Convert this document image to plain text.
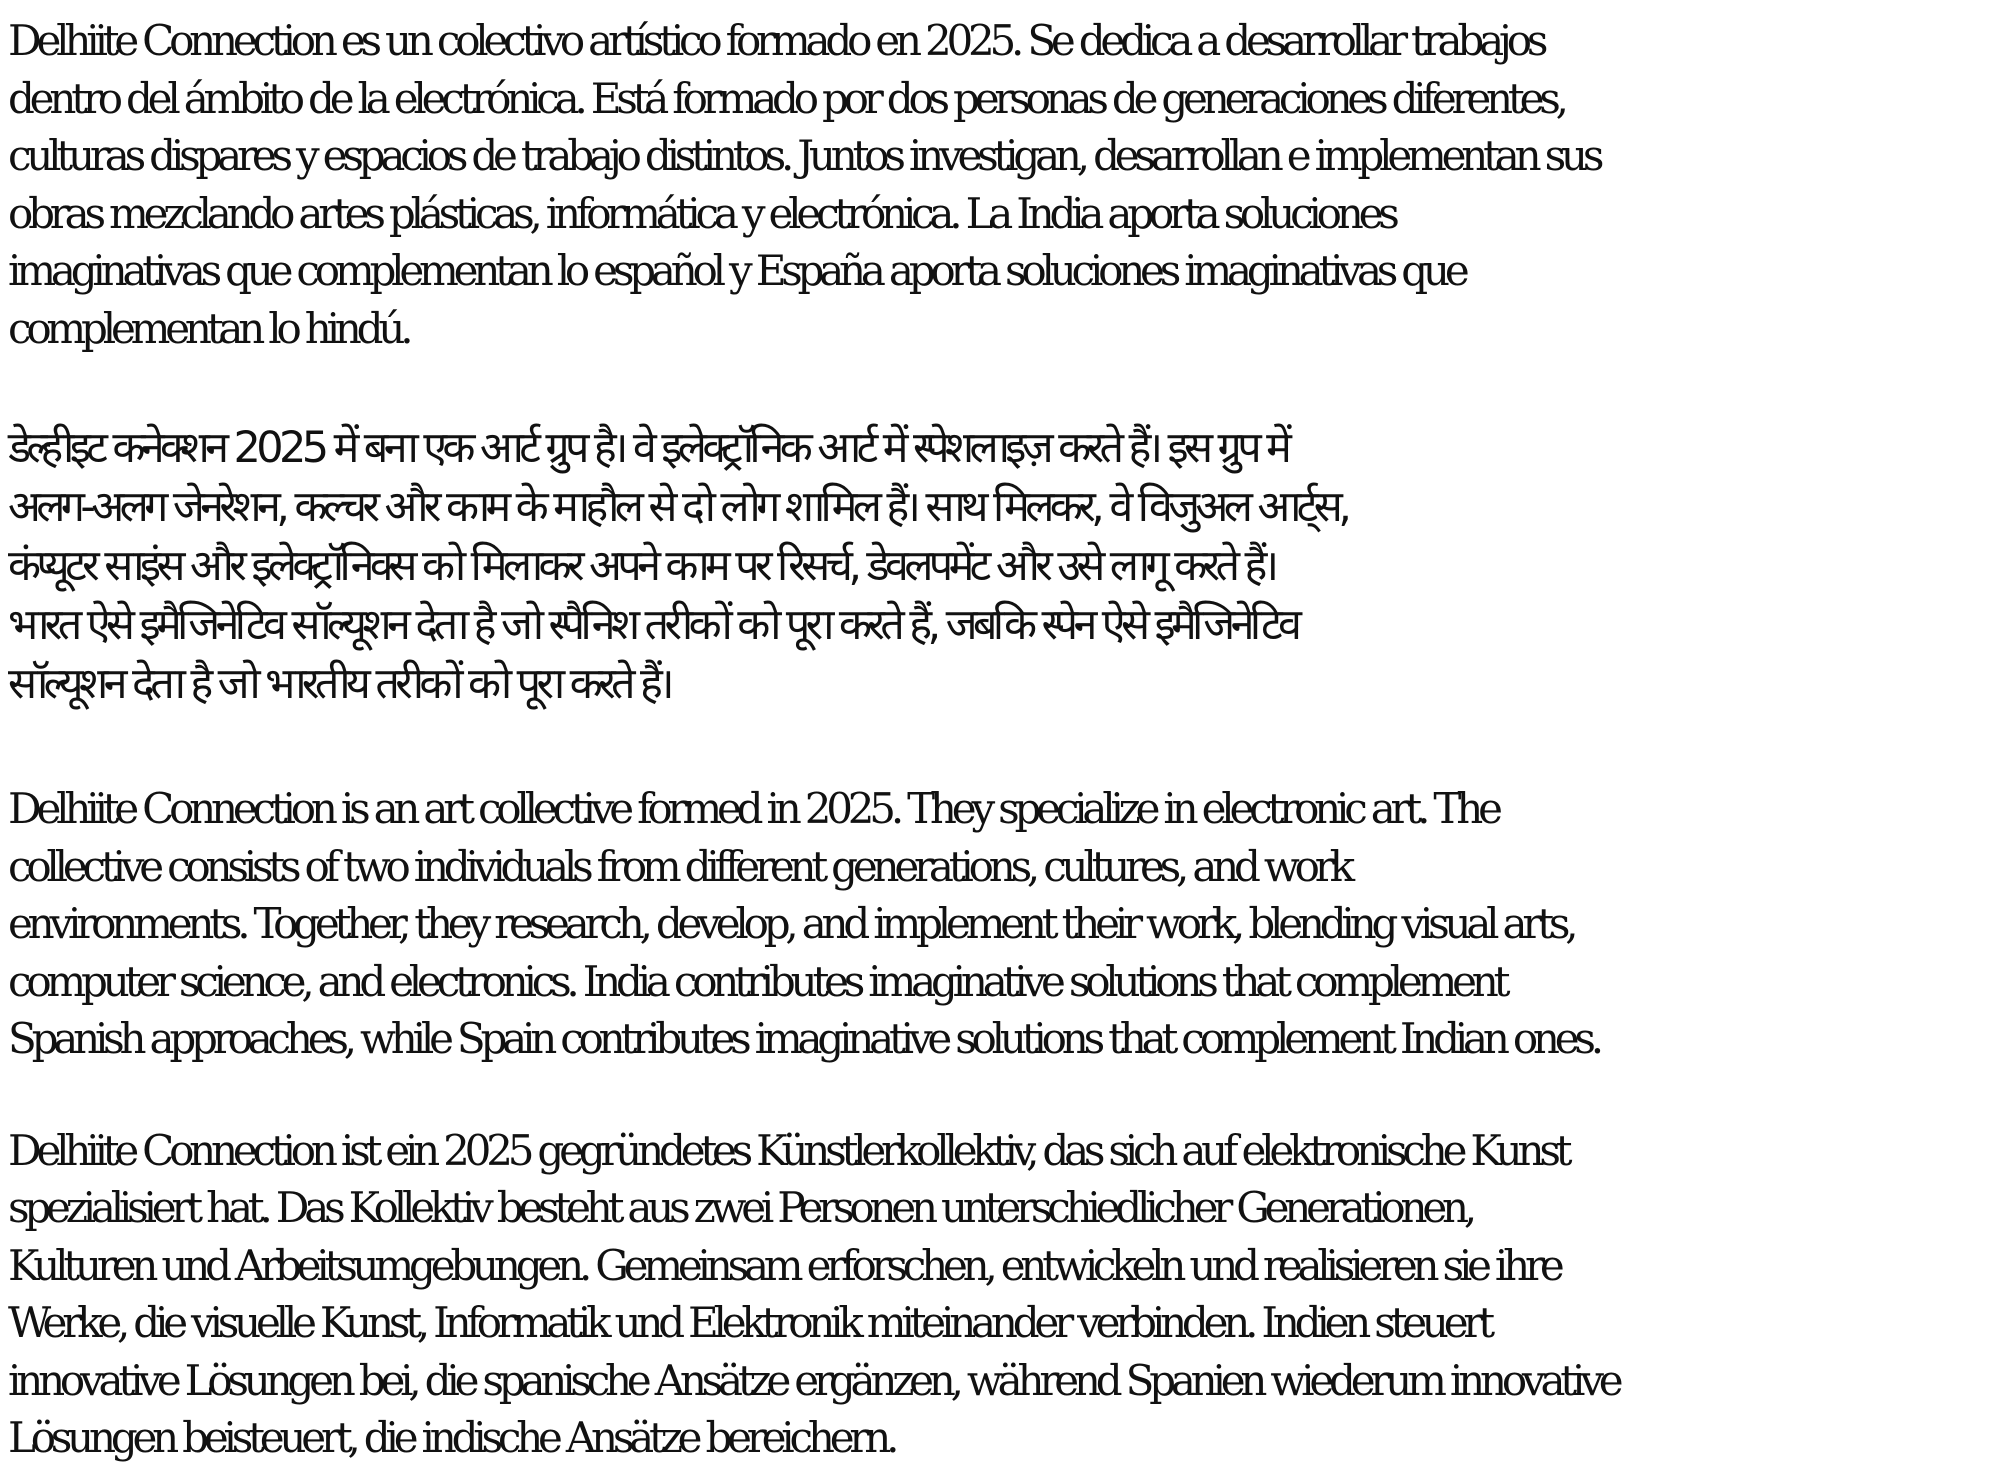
Delhiite Connection es un colectivo artístico formado en 2025. Se dedica a desarrollar trabajos
dentro del ámbito de la electrónica. Está formado por dos personas de generaciones diferentes,
culturas dispares y espacios de trabajo distintos. Juntos investigan, desarrollan e implementan sus
obras mezclando artes plásticas, informática y electrónica. La India aporta soluciones
imaginativas que complementan lo español y España aporta soluciones imaginativas que
complementan lo hindú.

डेल्हीइट कनेक्शन 2025 में बना एक आर्ट ग्रुप है। वे इलेक्ट्रॉनिक आर्ट में स्पेशलाइज़ करते हैं। इस ग्रुप में
अलग-अलग जेनरेशन, कल्चर और काम के माहौल से दो लोग शामिल हैं। साथ मिलकर, वे विजुअल आर्ट्स,
कंप्यूटर साइंस और इलेक्ट्रॉनिक्स को मिलाकर अपने काम पर रिसर्च, डेवलपमेंट और उसे लागू करते हैं।
भारत ऐसे इमैजिनेटिव सॉल्यूशन देता है जो स्पैनिश तरीकों को पूरा करते हैं, जबकि स्पेन ऐसे इमैजिनेटिव
सॉल्यूशन देता है जो भारतीय तरीकों को पूरा करते हैं।

Delhiite Connection is an art collective formed in 2025. They specialize in electronic art. The
collective consists of two individuals from different generations, cultures, and work
environments. Together, they research, develop, and implement their work, blending visual arts,
computer science, and electronics. India contributes imaginative solutions that complement
Spanish approaches, while Spain contributes imaginative solutions that complement Indian ones.

Delhiite Connection ist ein 2025 gegründetes Künstlerkollektiv, das sich auf elektronische Kunst
spezialisiert hat. Das Kollektiv besteht aus zwei Personen unterschiedlicher Generationen,
Kulturen und Arbeitsumgebungen. Gemeinsam erforschen, entwickeln und realisieren sie ihre
Werke, die visuelle Kunst, Informatik und Elektronik miteinander verbinden. Indien steuert
innovative Lösungen bei, die spanische Ansätze ergänzen, während Spanien wiederum innovative
Lösungen beisteuert, die indische Ansätze bereichern.
